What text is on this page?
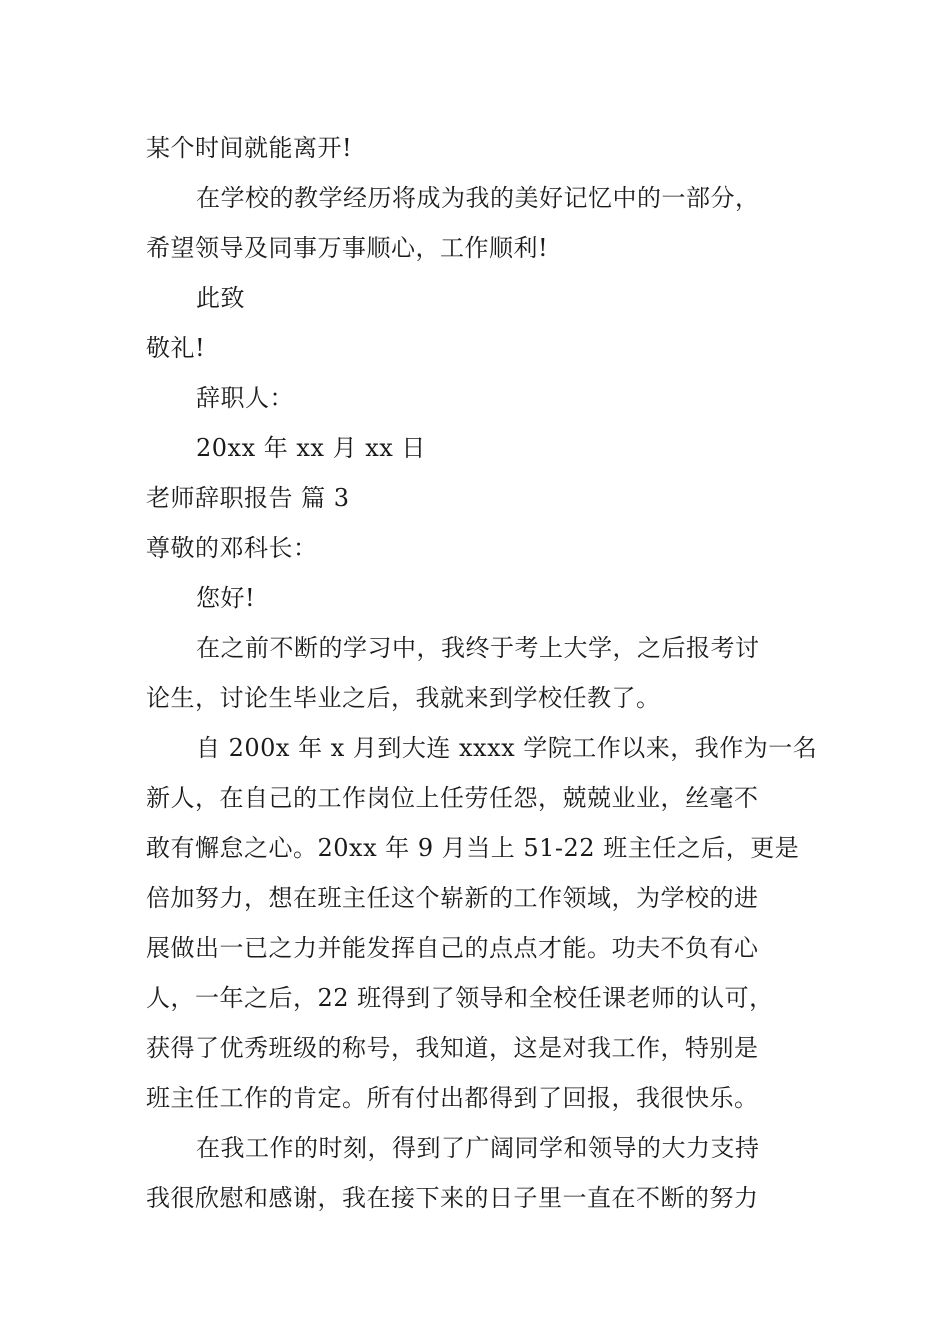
某个时间就能离开!
在学校的教学经历将成为我的美好记忆中的一部分，
希望领导及同事万事顺心，工作顺利!
此致
敬礼!
辞职人：
20xx 年 xx 月 xx 日
老师辞职报告 篇 3
尊敬的邓科长：
您好!
在之前不断的学习中，我终于考上大学，之后报考讨
论生，讨论生毕业之后，我就来到学校任教了。
自 200x 年 x 月到大连 xxxx 学院工作以来，我作为一名
新人，在自己的工作岗位上任劳任怨，兢兢业业，丝毫不
敢有懈怠之心。20xx 年 9 月当上 51-22 班主任之后，更是
倍加努力，想在班主任这个崭新的工作领域，为学校的进
展做出一已之力并能发挥自己的点点才能。功夫不负有心
人，一年之后，22 班得到了领导和全校任课老师的认可，
获得了优秀班级的称号，我知道，这是对我工作，特别是
班主任工作的肯定。所有付出都得到了回报，我很快乐。
在我工作的时刻，得到了广阔同学和领导的大力支持
我很欣慰和感谢，我在接下来的日子里一直在不断的努力
